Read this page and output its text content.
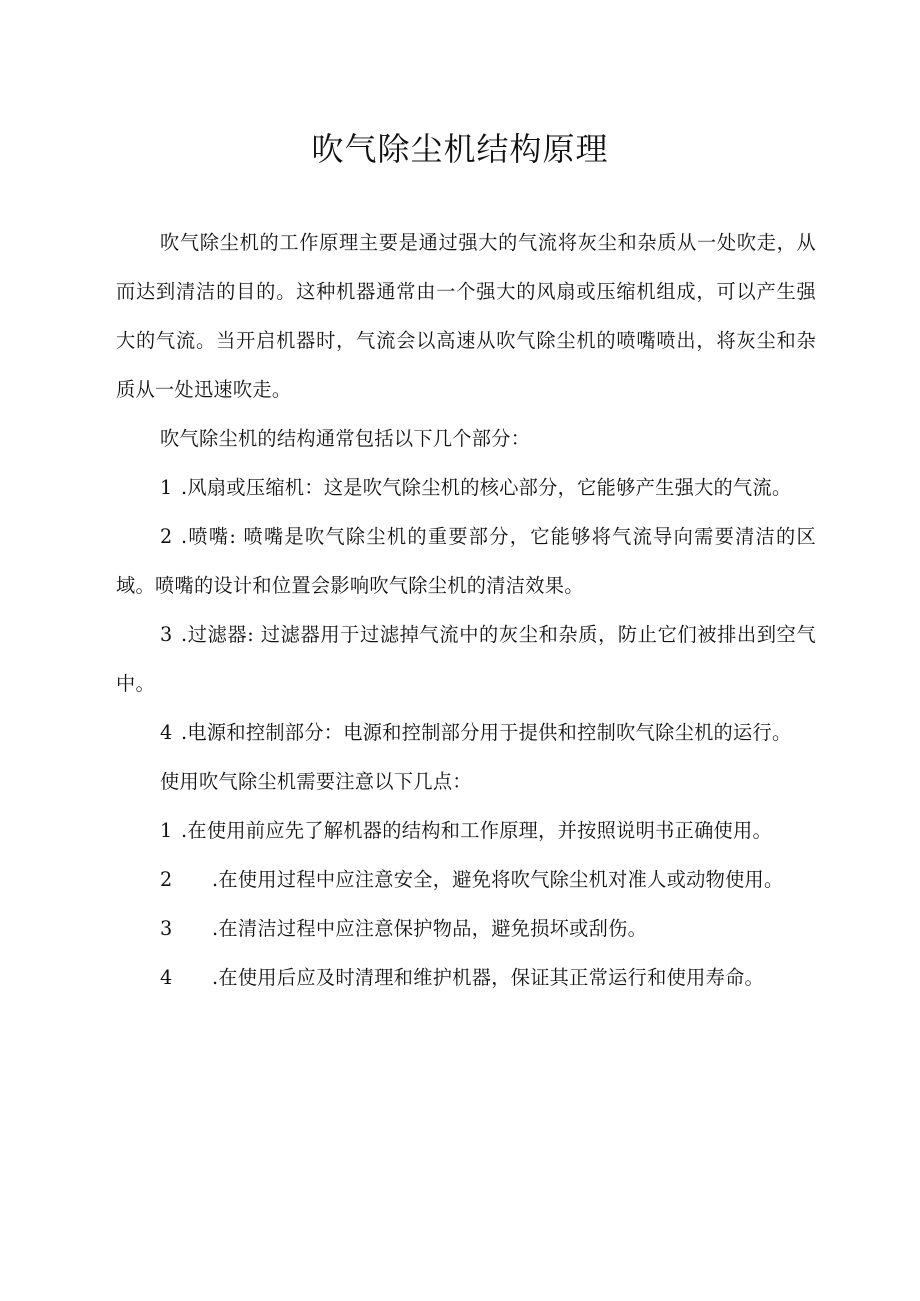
吹气除尘机结构原理

吹气除尘机的工作原理主要是通过强大的气流将灰尘和杂质从一处吹走，从而达到清洁的目的。这种机器通常由一个强大的风扇或压缩机组成，可以产生强大的气流。当开启机器时，气流会以高速从吹气除尘机的喷嘴喷出，将灰尘和杂质从一处迅速吹走。

吹气除尘机的结构通常包括以下几个部分：

1 .风扇或压缩机：这是吹气除尘机的核心部分，它能够产生强大的气流。

2 .喷嘴: 喷嘴是吹气除尘机的重要部分，它能够将气流导向需要清洁的区域。喷嘴的设计和位置会影响吹气除尘机的清洁效果。

3 .过滤器: 过滤器用于过滤掉气流中的灰尘和杂质，防止它们被排出到空气中。

4 .电源和控制部分：电源和控制部分用于提供和控制吹气除尘机的运行。

使用吹气除尘机需要注意以下几点：

1 .在使用前应先了解机器的结构和工作原理，并按照说明书正确使用。

2 .在使用过程中应注意安全，避免将吹气除尘机对准人或动物使用。

3 .在清洁过程中应注意保护物品，避免损坏或刮伤。

4 .在使用后应及时清理和维护机器，保证其正常运行和使用寿命。
